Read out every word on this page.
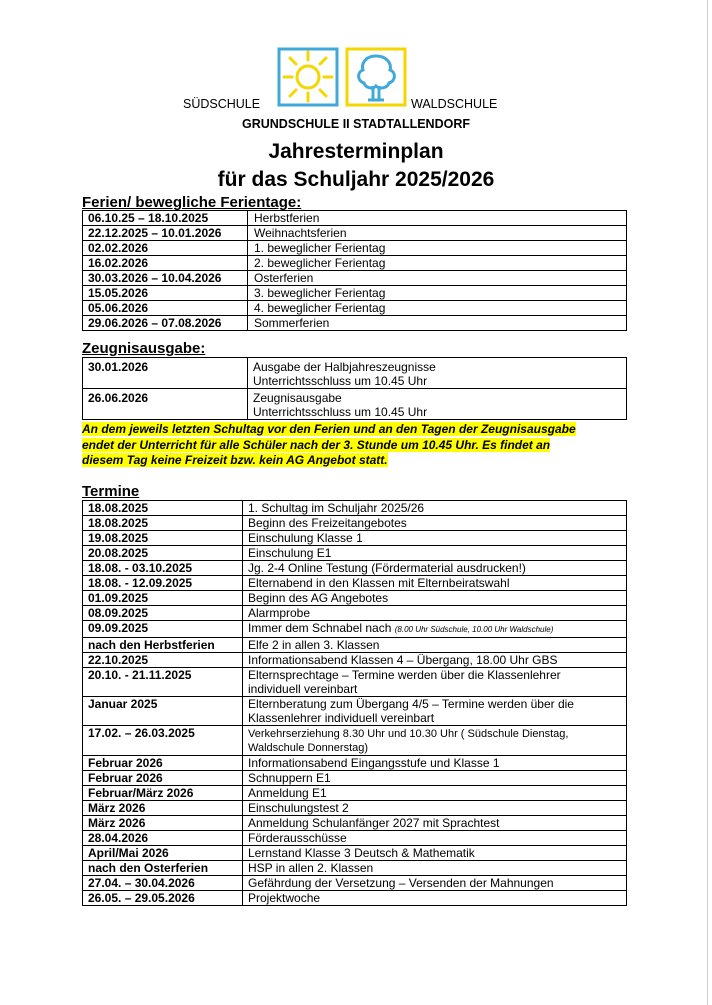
SÜDSCHULE	WALDSCHULE
GRUNDSCHULE II STADTALLENDORF
Jahresterminplan
für das Schuljahr 2025/2026
Ferien/ bewegliche Ferientage:
06.10.25 – 18.10.2025	Herbstferien
22.12.2025 – 10.01.2026	Weihnachtsferien
02.02.2026	1. beweglicher Ferientag
16.02.2026	2. beweglicher Ferientag
30.03.2026 – 10.04.2026	Osterferien
15.05.2026	3. beweglicher Ferientag
05.06.2026	4. beweglicher Ferientag
29.06.2026 – 07.08.2026	Sommerferien
Zeugnisausgabe:
30.01.2026	Ausgabe der Halbjahreszeugnisse
Unterrichtsschluss um 10.45 Uhr

26.06.2026	Zeugnisausgabe
Unterrichtsschluss um 10.45 Uhr
An dem jeweils letzten Schultag vor den Ferien und an den Tagen der Zeugnisausgabe
endet der Unterricht für alle Schüler nach der 3. Stunde um 10.45 Uhr. Es findet an
diesem Tag keine Freizeit bzw. kein AG Angebot statt.
Termine
18.08.2025	1. Schultag im Schuljahr 2025/26
18.08.2025	Beginn des Freizeitangebotes
19.08.2025	Einschulung Klasse 1
20.08.2025	Einschulung E1
18.08. - 03.10.2025	Jg. 2-4 Online Testung (Fördermaterial ausdrucken!)
18.08. - 12.09.2025	Elternabend in den Klassen mit Elternbeiratswahl
01.09.2025	Beginn des AG Angebotes
08.09.2025	Alarmprobe
09.09.2025	Immer dem Schnabel nach (8.00 Uhr Südschule, 10.00 Uhr Waldschule)
nach den Herbstferien	Elfe 2 in allen 3. Klassen
22.10.2025	Informationsabend Klassen 4 – Übergang, 18.00 Uhr GBS
20.10. - 21.11.2025	Elternsprechtage – Termine werden über die Klassenlehrer
individuell vereinbart

Januar 2025	Elternberatung zum Übergang 4/5 – Termine werden über die
Klassenlehrer individuell vereinbart

17.02. – 26.03.2025	Verkehrserziehung 8.30 Uhr und 10.30 Uhr ( Südschule Dienstag,
Waldschule Donnerstag)

Februar 2026	Informationsabend Eingangsstufe und Klasse 1
Februar 2026	Schnuppern E1
Februar/März 2026	Anmeldung E1
März 2026	Einschulungstest 2
März 2026	Anmeldung Schulanfänger 2027 mit Sprachtest
28.04.2026	Förderausschüsse
April/Mai 2026	Lernstand Klasse 3 Deutsch & Mathematik
nach den Osterferien	HSP in allen 2. Klassen
27.04. – 30.04.2026	Gefährdung der Versetzung – Versenden der Mahnungen
26.05. – 29.05.2026	Projektwoche
